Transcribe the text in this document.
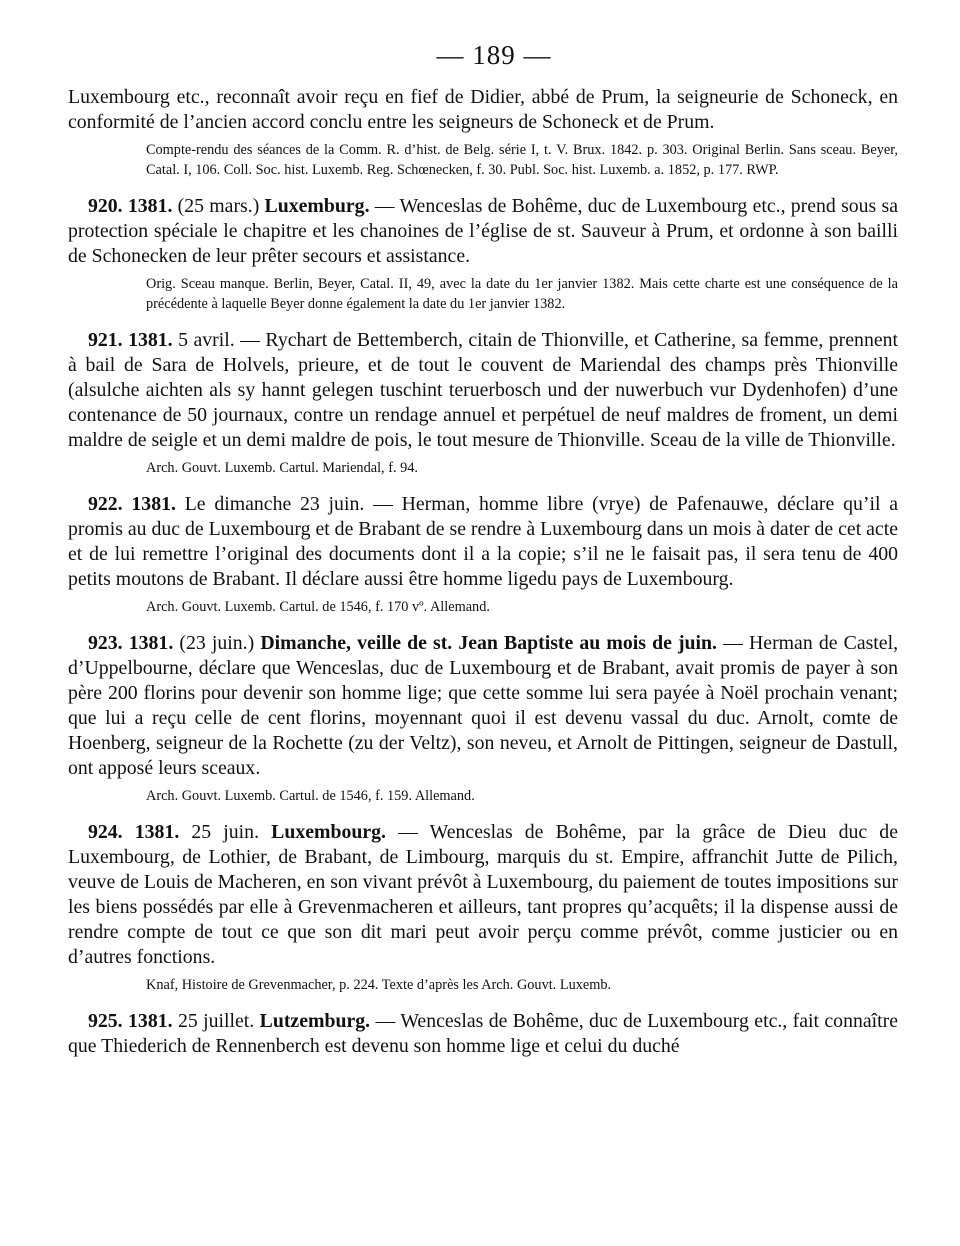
— 189 —

Luxembourg etc., reconnaît avoir reçu en fief de Didier, abbé de Prum, la seigneurie de Schoneck, en conformité de l’ancien accord conclu entre les seigneurs de Schoneck et de Prum.

Compte-rendu des séances de la Comm. R. d’hist. de Belg. série I, t. V. Brux. 1842. p. 303. Original Berlin. Sans sceau. Beyer, Catal. I, 106. Coll. Soc. hist. Luxemb. Reg. Schœnecken, f. 30. Publ. Soc. hist. Luxemb. a. 1852, p. 177. RWP.

920. 1381. (25 mars.) Luxemburg. — Wenceslas de Bohême, duc de Luxembourg etc., prend sous sa protection spéciale le chapitre et les chanoines de l’église de st. Sauveur à Prum, et ordonne à son bailli de Schonecken de leur prêter secours et assistance.

Orig. Sceau manque. Berlin, Beyer, Catal. II, 49, avec la date du 1er janvier 1382. Mais cette charte est une conséquence de la précédente à laquelle Beyer donne également la date du 1er janvier 1382.

921. 1381. 5 avril. — Rychart de Bettemberch, citain de Thionville, et Catherine, sa femme, prennent à bail de Sara de Holvels, prieure, et de tout le couvent de Mariendal des champs près Thionville (alsulche aichten als sy hannt gelegen tuschint teruerbosch und der nuwerbuch vur Dydenhofen) d’une contenance de 50 journaux, contre un rendage annuel et perpétuel de neuf maldres de froment, un demi maldre de seigle et un demi maldre de pois, le tout mesure de Thionville. Sceau de la ville de Thionville.

Arch. Gouvt. Luxemb. Cartul. Mariendal, f. 94.

922. 1381. Le dimanche 23 juin. — Herman, homme libre (vrye) de Pafenauwe, déclare qu’il a promis au duc de Luxembourg et de Brabant de se rendre à Luxembourg dans un mois à dater de cet acte et de lui remettre l’original des documents dont il a la copie; s’il ne le faisait pas, il sera tenu de 400 petits moutons de Brabant. Il déclare aussi être homme ligedu pays de Luxembourg.

Arch. Gouvt. Luxemb. Cartul. de 1546, f. 170 vº. Allemand.

923. 1381. (23 juin.) Dimanche, veille de st. Jean Baptiste au mois de juin. — Herman de Castel, d’Uppelbourne, déclare que Wenceslas, duc de Luxembourg et de Brabant, avait promis de payer à son père 200 florins pour devenir son homme lige; que cette somme lui sera payée à Noël prochain venant; que lui a reçu celle de cent florins, moyennant quoi il est devenu vassal du duc. Arnolt, comte de Hoenberg, seigneur de la Rochette (zu der Veltz), son neveu, et Arnolt de Pittingen, seigneur de Dastull, ont apposé leurs sceaux.

Arch. Gouvt. Luxemb. Cartul. de 1546, f. 159. Allemand.

924. 1381. 25 juin. Luxembourg. — Wenceslas de Bohême, par la grâce de Dieu duc de Luxembourg, de Lothier, de Brabant, de Limbourg, marquis du st. Empire, affranchit Jutte de Pilich, veuve de Louis de Macheren, en son vivant prévôt à Luxembourg, du paiement de toutes impositions sur les biens possédés par elle à Grevenmacheren et ailleurs, tant propres qu’acquêts; il la dispense aussi de rendre compte de tout ce que son dit mari peut avoir perçu comme prévôt, comme justicier ou en d’autres fonctions.

Knaf, Histoire de Grevenmacher, p. 224. Texte d’après les Arch. Gouvt. Luxemb.

925. 1381. 25 juillet. Lutzemburg. — Wenceslas de Bohême, duc de Luxembourg etc., fait connaître que Thiederich de Rennenberch est devenu son homme lige et celui du duché
